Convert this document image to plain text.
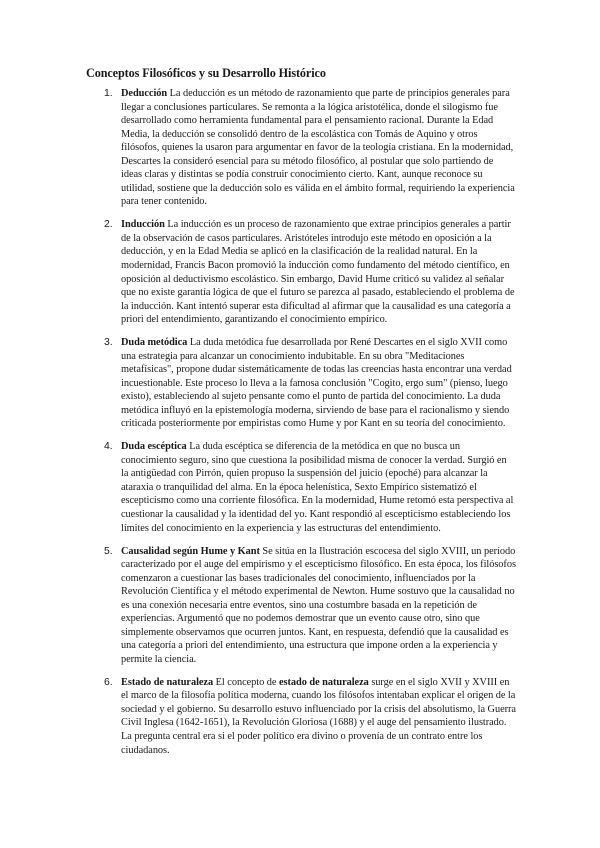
Conceptos Filosóficos y su Desarrollo Histórico
1. Deducción La deducción es un método de razonamiento que parte de principios generales para llegar a conclusiones particulares. Se remonta a la lógica aristotélica, donde el silogismo fue desarrollado como herramienta fundamental para el pensamiento racional. Durante la Edad Media, la deducción se consolidó dentro de la escolástica con Tomás de Aquino y otros filósofos, quienes la usaron para argumentar en favor de la teología cristiana. En la modernidad, Descartes la consideró esencial para su método filosófico, al postular que solo partiendo de ideas claras y distintas se podía construir conocimiento cierto. Kant, aunque reconoce su utilidad, sostiene que la deducción solo es válida en el ámbito formal, requiriendo la experiencia para tener contenido.
2. Inducción La inducción es un proceso de razonamiento que extrae principios generales a partir de la observación de casos particulares. Aristóteles introdujo este método en oposición a la deducción, y en la Edad Media se aplicó en la clasificación de la realidad natural. En la modernidad, Francis Bacon promovió la inducción como fundamento del método científico, en oposición al deductivismo escolástico. Sin embargo, David Hume criticó su validez al señalar que no existe garantía lógica de que el futuro se parezca al pasado, estableciendo el problema de la inducción. Kant intentó superar esta dificultad al afirmar que la causalidad es una categoría a priori del entendimiento, garantizando el conocimiento empírico.
3. Duda metódica La duda metódica fue desarrollada por René Descartes en el siglo XVII como una estrategia para alcanzar un conocimiento indubitable. En su obra "Meditaciones metafísicas", propone dudar sistemáticamente de todas las creencias hasta encontrar una verdad incuestionable. Este proceso lo lleva a la famosa conclusión "Cogito, ergo sum" (pienso, luego existo), estableciendo al sujeto pensante como el punto de partida del conocimiento. La duda metódica influyó en la epistemología moderna, sirviendo de base para el racionalismo y siendo criticada posteriormente por empiristas como Hume y por Kant en su teoría del conocimiento.
4. Duda escéptica La duda escéptica se diferencia de la metódica en que no busca un conocimiento seguro, sino que cuestiona la posibilidad misma de conocer la verdad. Surgió en la antigüedad con Pirrón, quien propuso la suspensión del juicio (epoché) para alcanzar la ataraxia o tranquilidad del alma. En la época helenística, Sexto Empírico sistematizó el escepticismo como una corriente filosófica. En la modernidad, Hume retomó esta perspectiva al cuestionar la causalidad y la identidad del yo. Kant respondió al escepticismo estableciendo los límites del conocimiento en la experiencia y las estructuras del entendimiento.
5. Causalidad según Hume y Kant Se sitúa en la Ilustración escocesa del siglo XVIII, un período caracterizado por el auge del empirismo y el escepticismo filosófico. En esta época, los filósofos comenzaron a cuestionar las bases tradicionales del conocimiento, influenciados por la Revolución Científica y el método experimental de Newton. Hume sostuvo que la causalidad no es una conexión necesaria entre eventos, sino una costumbre basada en la repetición de experiencias. Argumentó que no podemos demostrar que un evento cause otro, sino que simplemente observamos que ocurren juntos. Kant, en respuesta, defendió que la causalidad es una categoría a priori del entendimiento, una estructura que impone orden a la experiencia y permite la ciencia.
6. Estado de naturaleza El concepto de estado de naturaleza surge en el siglo XVII y XVIII en el marco de la filosofía política moderna, cuando los filósofos intentaban explicar el origen de la sociedad y el gobierno. Su desarrollo estuvo influenciado por la crisis del absolutismo, la Guerra Civil Inglesa (1642-1651), la Revolución Gloriosa (1688) y el auge del pensamiento ilustrado. La pregunta central era si el poder político era divino o provenía de un contrato entre los ciudadanos.
